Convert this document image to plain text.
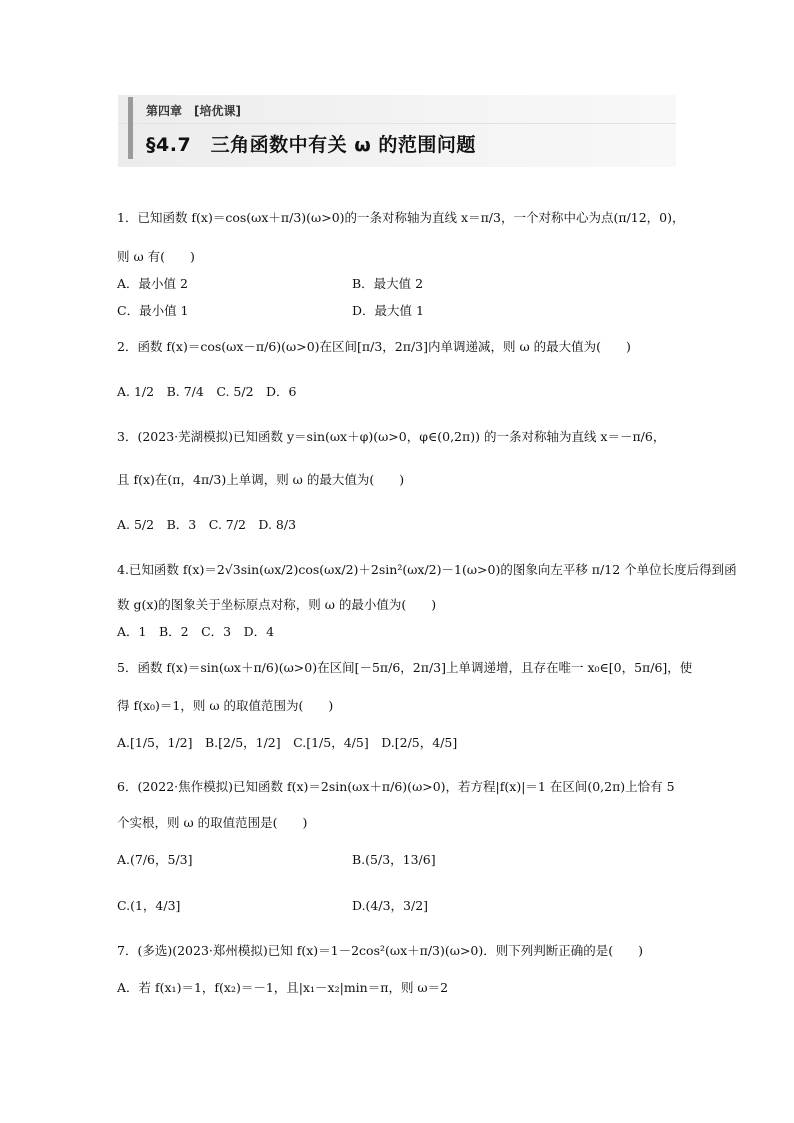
第四章　[培优课]
§4.7　三角函数中有关 ω 的范围问题
1．已知函数 f(x)＝cos(ωx＋π/3)(ω>0)的一条对称轴为直线 x＝π/3，一个对称中心为点(π/12，0)，
则 ω 有(　　)
A．最小值 2	B．最大值 2
C．最小值 1	D．最大值 1
2．函数 f(x)＝cos(ωx－π/6)(ω>0)在区间[π/3，2π/3]内单调递减，则 ω 的最大值为(　　)
A. 1/2　B. 7/4　C. 5/2　D．6
3．(2023·芜湖模拟)已知函数 y＝sin(ωx＋φ)(ω>0，φ∈(0,2π)) 的一条对称轴为直线 x＝－π/6，
且 f(x)在(π，4π/3)上单调，则 ω 的最大值为(　　)
A. 5/2　B．3　C. 7/2　D. 8/3
4.已知函数 f(x)＝2√3sin(ωx/2)cos(ωx/2)＋2sin²(ωx/2)－1(ω>0)的图象向左平移 π/12 个单位长度后得到函
数 g(x)的图象关于坐标原点对称，则 ω 的最小值为(　　)
A．1　B．2　C．3　D．4
5．函数 f(x)＝sin(ωx＋π/6)(ω>0)在区间[－5π/6，2π/3]上单调递增，且存在唯一 x₀∈[0，5π/6]，使
得 f(x₀)＝1，则 ω 的取值范围为(　　)
A.[1/5，1/2]　B.[2/5，1/2]　C.[1/5，4/5]　D.[2/5，4/5]
6．(2022·焦作模拟)已知函数 f(x)＝2sin(ωx＋π/6)(ω>0)，若方程|f(x)|＝1 在区间(0,2π)上恰有 5
个实根，则 ω 的取值范围是(　　)
A.(7/6，5/3]	B.(5/3，13/6]
C.(1，4/3]	D.(4/3，3/2]
7．(多选)(2023·郑州模拟)已知 f(x)＝1－2cos²(ωx＋π/3)(ω>0)．则下列判断正确的是(　　)
A．若 f(x₁)＝1，f(x₂)＝－1，且|x₁－x₂|min＝π，则 ω＝2
